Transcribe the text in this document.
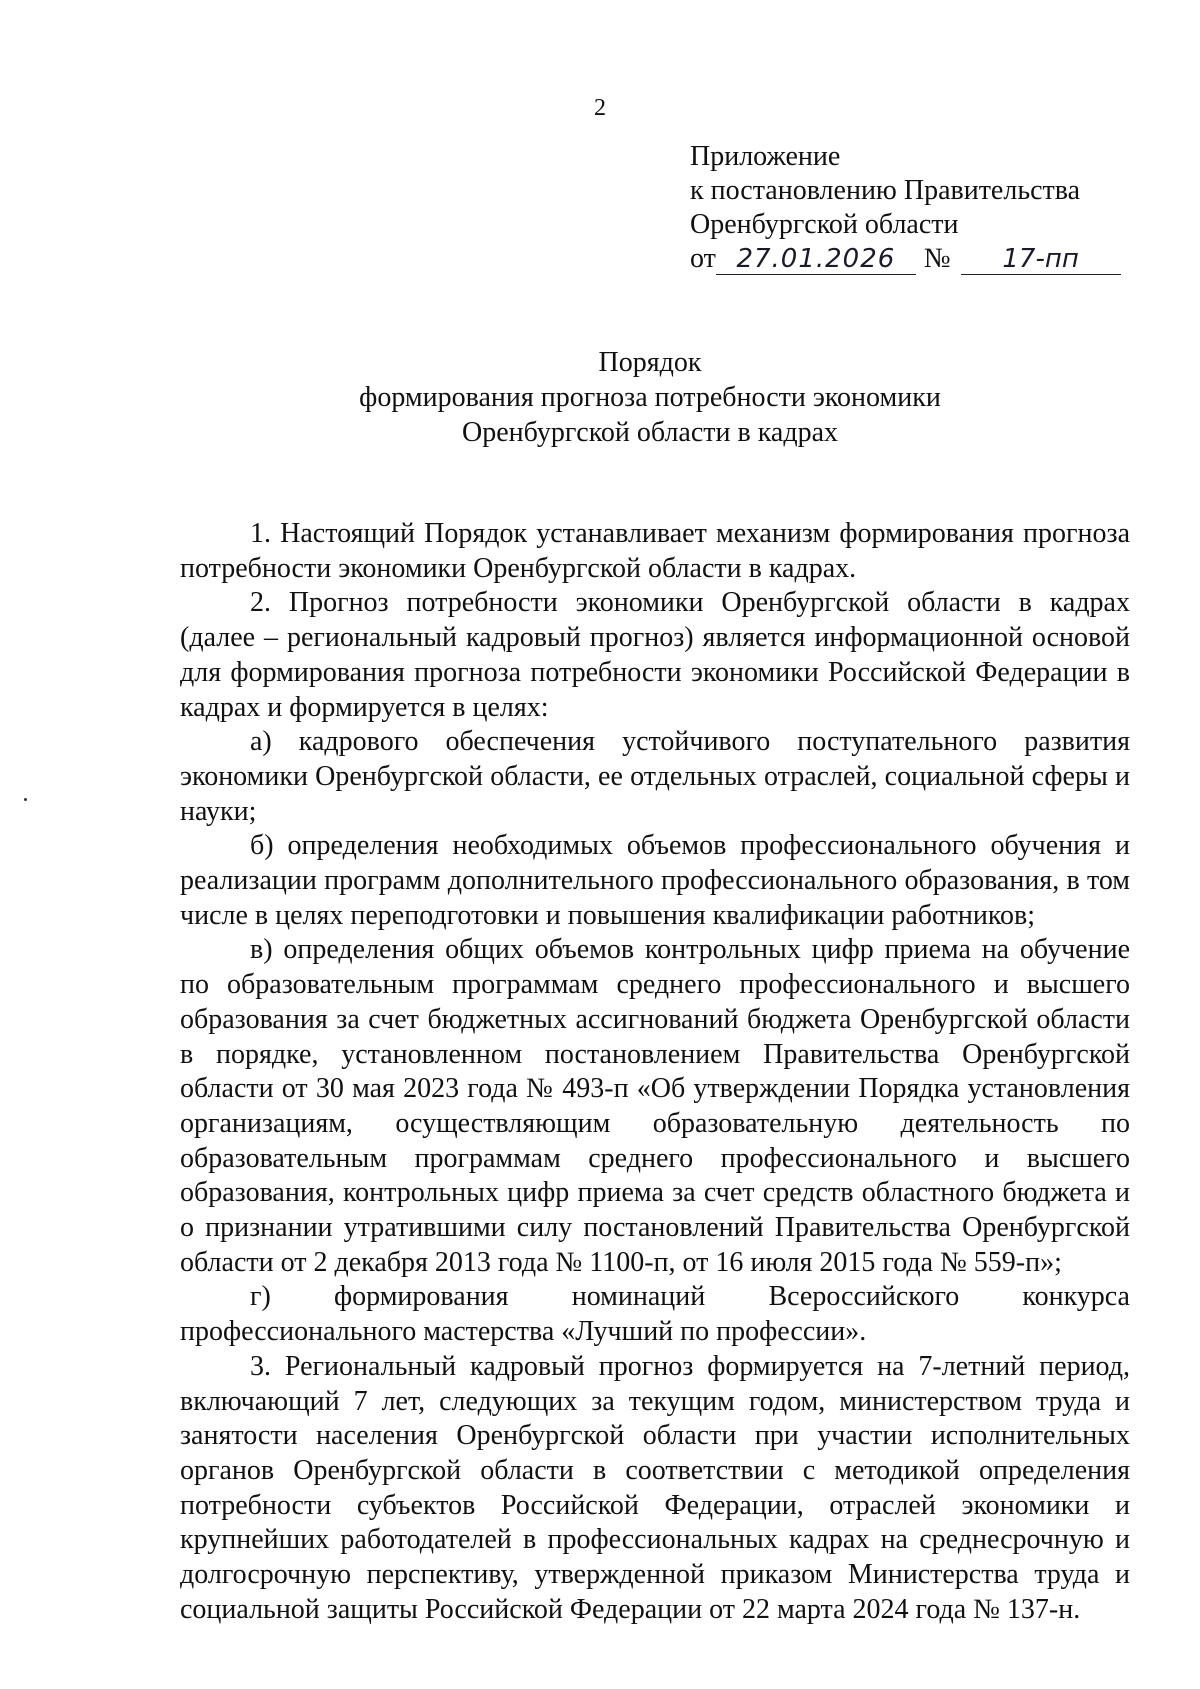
2
Приложение
к постановлению Правительства
Оренбургской области
от 27.01.2026	№	17-пп
Порядок
формирования прогноза потребности экономики
Оренбургской области в кадрах

1. Настоящий Порядок устанавливает механизм формирования прогноза потребности экономики Оренбургской области в кадрах.

2. Прогноз потребности экономики Оренбургской области в кадрах (далее – региональный кадровый прогноз) является информационной основой для формирования прогноза потребности экономики Российской Федерации в кадрах и формируется в целях:

а) кадрового обеспечения устойчивого поступательного развития экономики Оренбургской области, ее отдельных отраслей, социальной сферы и науки;

б) определения необходимых объемов профессионального обучения и реализации программ дополнительного профессионального образования, в том числе в целях переподготовки и повышения квалификации работников;

в) определения общих объемов контрольных цифр приема на обучение по образовательным программам среднего профессионального и высшего образования за счет бюджетных ассигнований бюджета Оренбургской области в порядке, установленном постановлением Правительства Оренбургской области от 30 мая 2023 года № 493-п «Об утверждении Порядка установления организациям, осуществляющим образовательную деятельность по образовательным программам среднего профессионального и высшего образования, контрольных цифр приема за счет средств областного бюджета и о признании утратившими силу постановлений Правительства Оренбургской области от 2 декабря 2013 года № 1100-п, от 16 июля 2015 года № 559-п»;

г) формирования номинаций Всероссийского конкурса профессионального мастерства «Лучший по профессии».

3. Региональный кадровый прогноз формируется на 7-летний период, включающий 7 лет, следующих за текущим годом, министерством труда и занятости населения Оренбургской области при участии исполнительных органов Оренбургской области в соответствии с методикой определения потребности субъектов Российской Федерации, отраслей экономики и крупнейших работодателей в профессиональных кадрах на среднесрочную и долгосрочную перспективу, утвержденной приказом Министерства труда и социальной защиты Российской Федерации от 22 марта 2024 года № 137-н.
